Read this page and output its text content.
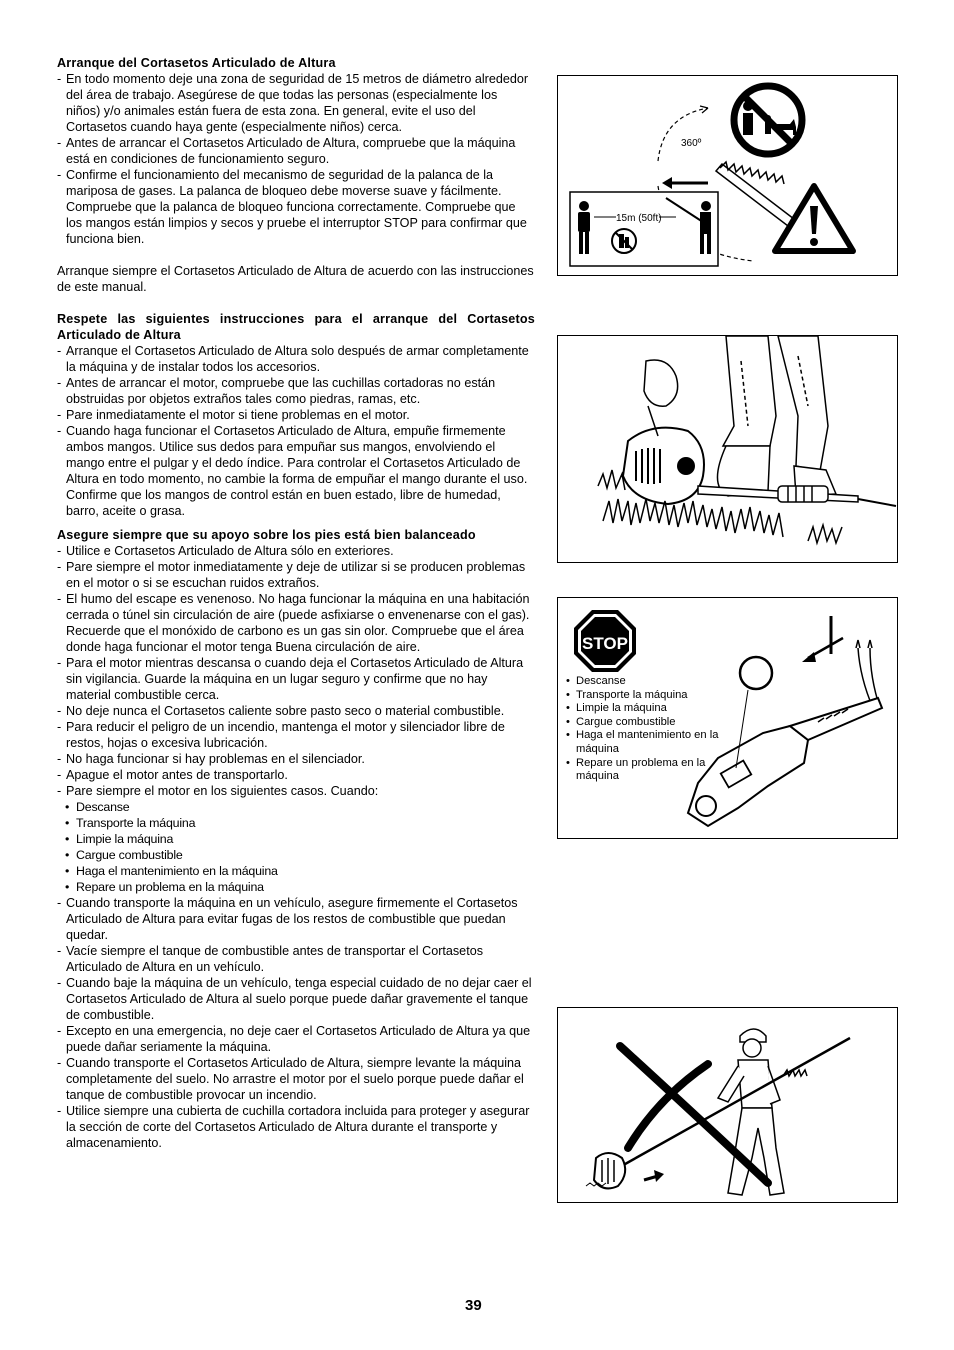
Arranque del Cortasetos Articulado de Altura
- En todo momento deje una zona de seguridad de 15 metros de diámetro alrededor del área de trabajo. Asegúrese de que todas las personas (especialmente los niños) y/o animales están fuera de esta zona. En general, evite el uso del Cortasetos cuando haya gente (especialmente niños) cerca.
- Antes de arrancar el Cortasetos Articulado de Altura, compruebe que la máquina está en condiciones de funcionamiento seguro.
- Confirme el funcionamiento del mecanismo de seguridad de la palanca de la mariposa de gases. La palanca de bloqueo debe moverse suave y fácilmente. Compruebe que la palanca de bloqueo funciona correctamente. Compruebe que los mangos están limpios y secos y pruebe el interruptor STOP para confirmar que funciona bien.

Arranque siempre el Cortasetos Articulado de Altura de acuerdo con las instrucciones de este manual.

Respete las siguientes instrucciones para el arranque del Cortasetos Articulado de Altura
- Arranque el Cortasetos Articulado de Altura solo después de armar completamente la máquina y de instalar todos los accesorios.
- Antes de arrancar el motor, compruebe que las cuchillas cortadoras no están obstruidas por objetos extraños tales como piedras, ramas, etc.
- Pare inmediatamente el motor si tiene problemas en el motor.
- Cuando haga funcionar el Cortasetos Articulado de Altura, empuñe firmemente ambos mangos. Utilice sus dedos para empuñar sus mangos, envolviendo el mango entre el pulgar y el dedo índice. Para controlar el Cortasetos Articulado de Altura en todo momento, no cambie la forma de empuñar el mango durante el uso. Confirme que los mangos de control están en buen estado, libre de humedad, barro, aceite o grasa.
Asegure siempre que su apoyo sobre los pies está bien balanceado
- Utilice e Cortasetos Articulado de Altura sólo en exteriores.
- Pare siempre el motor inmediatamente y deje de utilizar si se producen problemas en el motor o si se escuchan ruidos extraños.
- El humo del escape es venenoso. No haga funcionar la máquina en una habitación cerrada o túnel sin circulación de aire (puede asfixiarse o envenenarse con el gas). Recuerde que el monóxido de carbono es un gas sin olor. Compruebe que el área donde haga funcionar el motor tenga Buena circulación de aire.
- Para el motor mientras descansa o cuando deja el Cortasetos Articulado de Altura sin vigilancia. Guarde la máquina en un lugar seguro y confirme que no hay material combustible cerca.
- No deje nunca el Cortasetos caliente sobre pasto seco o material combustible.
- Para reducir el peligro de un incendio, mantenga el motor y silenciador libre de restos, hojas o excesiva lubricación.
- No haga funcionar si hay problemas en el silenciador.
- Apague el motor antes de transportarlo.
- Pare siempre el motor en los siguientes casos. Cuando:
• Descanse
• Transporte la máquina
• Limpie la máquina
• Cargue combustible
• Haga el mantenimiento en la máquina
• Repare un problema en la máquina
- Cuando transporte la máquina en un vehículo, asegure firmemente el Cortasetos Articulado de Altura para evitar fugas de los restos de combustible que puedan quedar.
- Vacíe siempre el tanque de combustible antes de transportar el Cortasetos Articulado de Altura en un vehículo.
- Cuando baje la máquina de un vehículo, tenga especial cuidado de no dejar caer el Cortasetos Articulado de Altura al suelo porque puede dañar gravemente el tanque de combustible.
- Excepto en una emergencia, no deje caer el Cortasetos Articulado de Altura ya que puede dañar seriamente la máquina.
- Cuando transporte el Cortasetos Articulado de Altura, siempre levante la máquina completamente del suelo. No arrastre el motor por el suelo porque puede dañar el tanque de combustible provocar un incendio.
- Utilice siempre una cubierta de cuchilla cortadora incluida para proteger y asegurar la sección de corte del Cortasetos Articulado de Altura durante el transporte y almacenamiento.
360º
15m (50ft)
STOP
• Descanse
• Transporte la máquina
• Limpie la máquina
• Cargue combustible
• Haga el mantenimiento en la máquina
• Repare un problema en la máquina
39
